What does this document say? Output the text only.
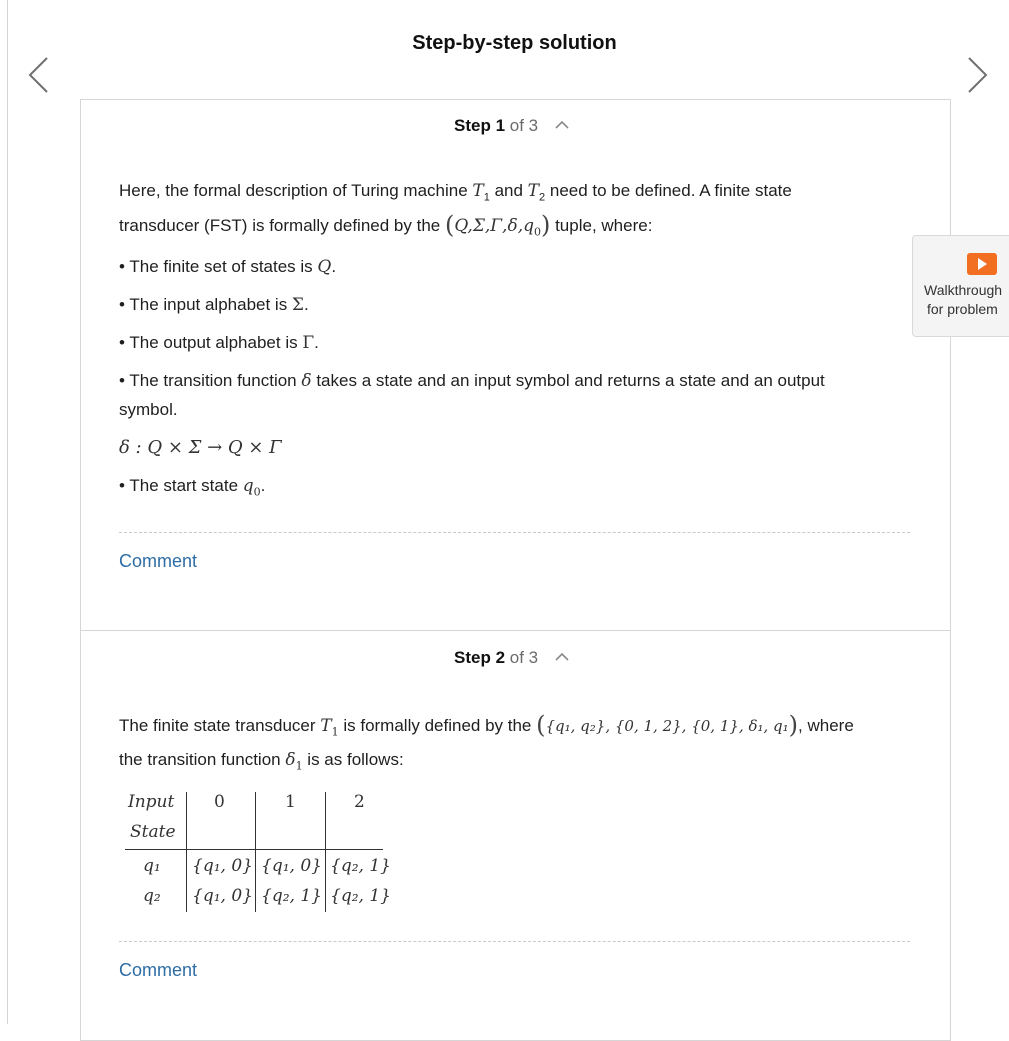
Step-by-step solution
Step 1 of 3
Here, the formal description of Turing machine $T_1$ and $T_2$ need to be defined. A finite state
transducer (FST) is formally defined by the $(Q,\Sigma,\Gamma,\delta,q_0)$ tuple, where:
• The finite set of states is Q.
• The input alphabet is Σ.
• The output alphabet is Γ.
• The transition function δ takes a state and an input symbol and returns a state and an output
symbol.
δ : Q × Σ → Q × Γ
• The start state $q_0$.
Comment
Walkthrough
for problem
Step 2 of 3
The finite state transducer $T_1$ is formally defined by the ({q₁, q₂}, {0, 1, 2}, {0, 1}, δ₁, q₁), where
the transition function $\delta_1$ is as follows:
Input
State
0	1	2
q₁ {q₁, 0} {q₁, 0} {q₂, 1}
q₂ {q₁, 0} {q₂, 1} {q₂, 1}
Comment
